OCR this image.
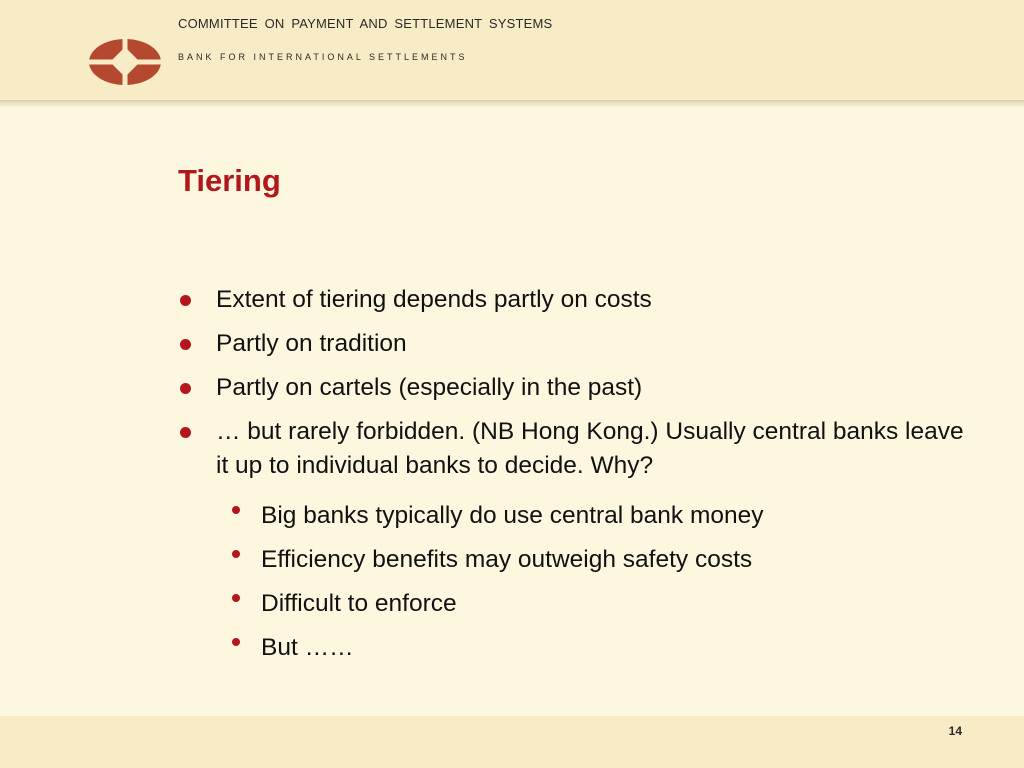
COMMITTEE ON PAYMENT AND SETTLEMENT SYSTEMS
BANK FOR INTERNATIONAL SETTLEMENTS
Tiering
Extent of tiering depends partly on costs
Partly on tradition
Partly on cartels (especially in the past)
… but rarely forbidden. (NB Hong Kong.) Usually central banks leave it up to individual banks to decide. Why?
Big banks typically do use central bank money
Efficiency benefits may outweigh safety costs
Difficult to enforce
But ……
14
